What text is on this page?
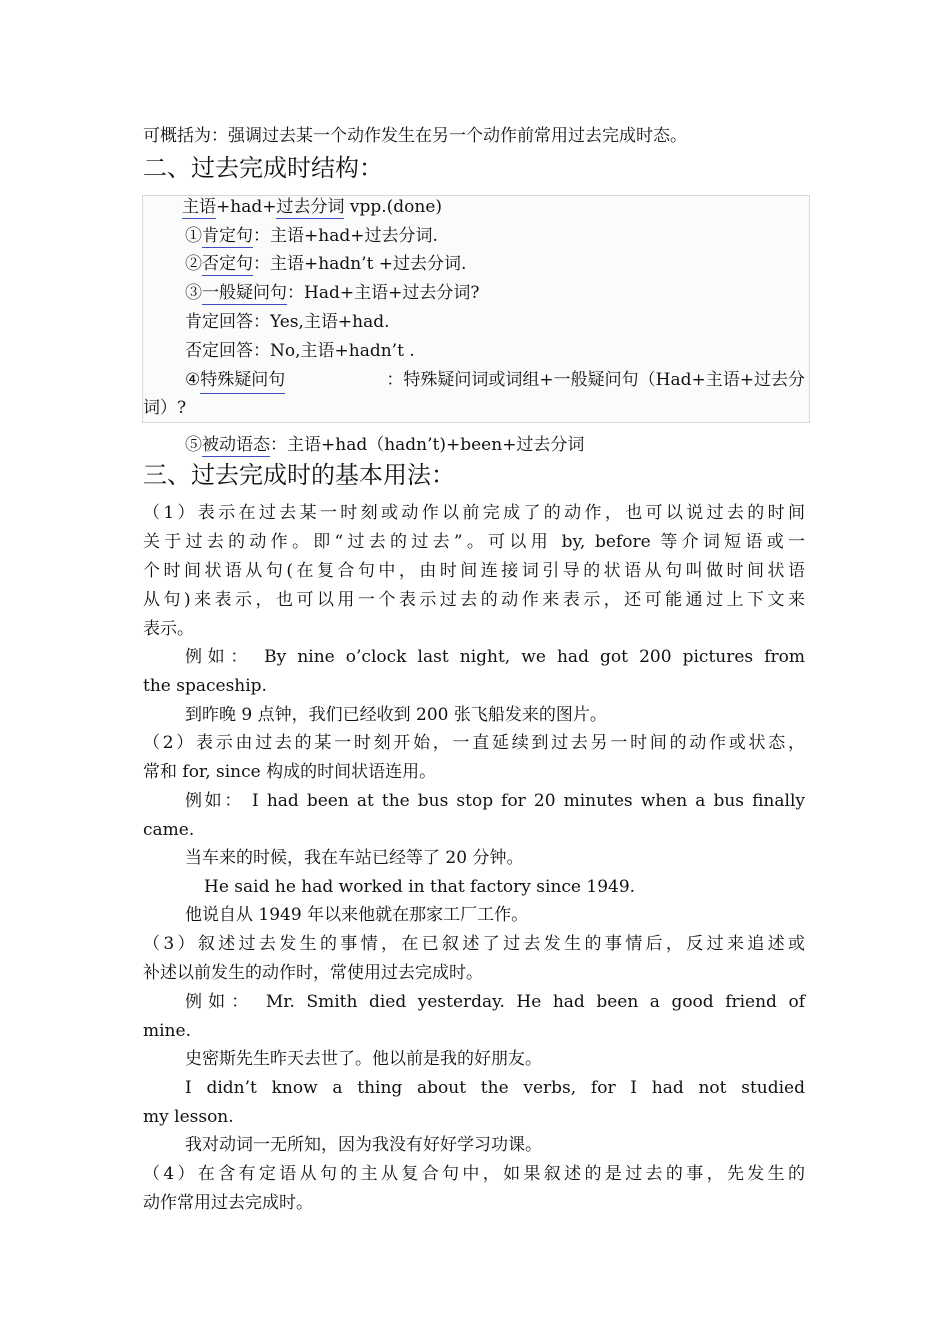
可概括为：强调过去某一个动作发生在另一个动作前常用过去完成时态。
二、过去完成时结构：
主语+had+过去分词 vpp.(done)
①肯定句：主语+had+过去分词.
②否定句：主语+hadn’t +过去分词.
③一般疑问句：Had+主语+过去分词?
肯定回答：Yes,主语+had.
否定回答：No,主语+hadn’t .
④ 特殊疑问句	：特殊疑问词或词组+一般疑问句（Had+主语+过去分
词）?
⑤被动语态：主语+had（hadn’t)+been+过去分词
三、过去完成时的基本用法：
（1）表示在过去某一时刻或动作以前完成了的动作，也可以说过去的时间
关于过去的动作。即“过去的过去”。可以用 by, before 等介词短语或一
个时间状语从句(在复合句中，由时间连接词引导的状语从句叫做时间状语
从句)来表示，也可以用一个表示过去的动作来表示，还可能通过上下文来
表示。
例如： By nine o’clock last night, we had got 200 pictures from
the spaceship.
到昨晚 9 点钟，我们已经收到 200 张飞船发来的图片。
（2）表示由过去的某一时刻开始，一直延续到过去另一时间的动作或状态，
常和 for, since 构成的时间状语连用。
例如： I had been at the bus stop for 20 minutes when a bus finally
came.
当车来的时候，我在车站已经等了 20 分钟。
He said he had worked in that factory since 1949.
他说自从 1949 年以来他就在那家工厂工作。
（3）叙述过去发生的事情，在已叙述了过去发生的事情后，反过来追述或
补述以前发生的动作时，常使用过去完成时。
例如： Mr. Smith died yesterday. He had been a good friend of
mine.
史密斯先生昨天去世了。他以前是我的好朋友。
I didn’t know a thing about the verbs, for I had not studied
my lesson.
我对动词一无所知，因为我没有好好学习功课。
（4）在含有定语从句的主从复合句中，如果叙述的是过去的事，先发生的
动作常用过去完成时。
